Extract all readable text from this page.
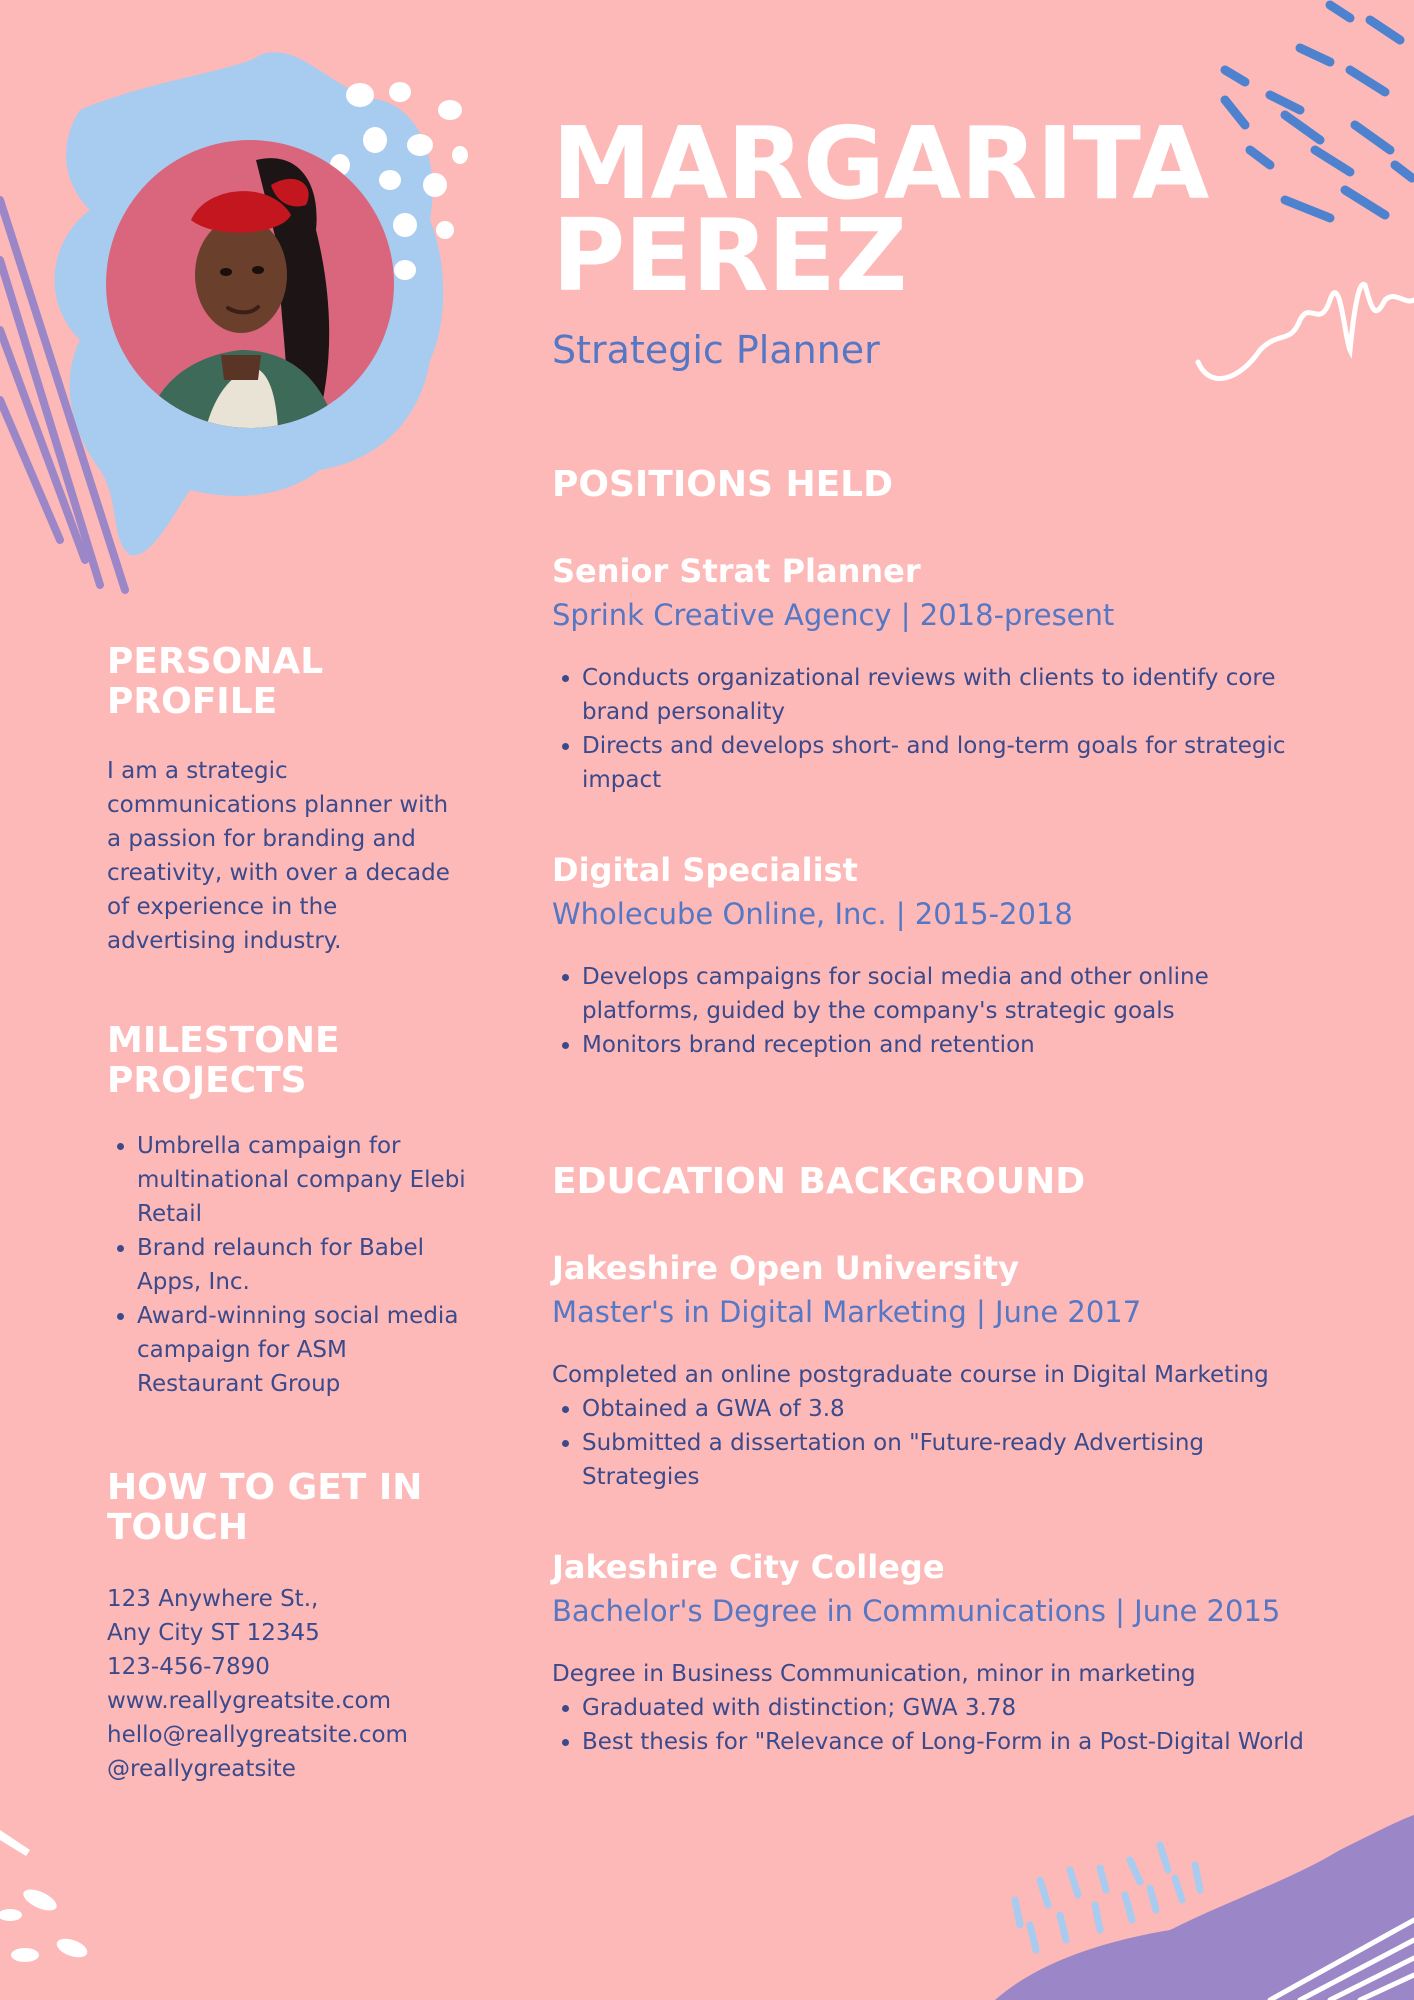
MARGARITA
PEREZ
Strategic Planner
PERSONAL
PROFILE

I am a strategic communications planner with a passion for branding and creativity, with over a decade of experience in the advertising industry.

MILESTONE
PROJECTS
• Umbrella campaign for multinational company Elebi Retail
• Brand relaunch for Babel Apps, Inc.
• Award-winning social media campaign for ASM Restaurant Group
HOW TO GET IN
TOUCH
123 Anywhere St.,
Any City ST 12345
123-456-7890
www.reallygreatsite.com
hello@reallygreatsite.com
@reallygreatsite
POSITIONS HELD
Senior Strat Planner
Sprink Creative Agency | 2018-present
• Conducts organizational reviews with clients to identify core brand personality
• Directs and develops short- and long-term goals for strategic impact
Digital Specialist
Wholecube Online, Inc. | 2015-2018
• Develops campaigns for social media and other online platforms, guided by the company's strategic goals
• Monitors brand reception and retention
EDUCATION BACKGROUND
Jakeshire Open University
Master's in Digital Marketing | June 2017

Completed an online postgraduate course in Digital Marketing

• Obtained a GWA of 3.8
• Submitted a dissertation on "Future-ready Advertising Strategies
Jakeshire City College
Bachelor's Degree in Communications | June 2015

Degree in Business Communication, minor in marketing

• Graduated with distinction; GWA 3.78
• Best thesis for "Relevance of Long-Form in a Post-Digital World
